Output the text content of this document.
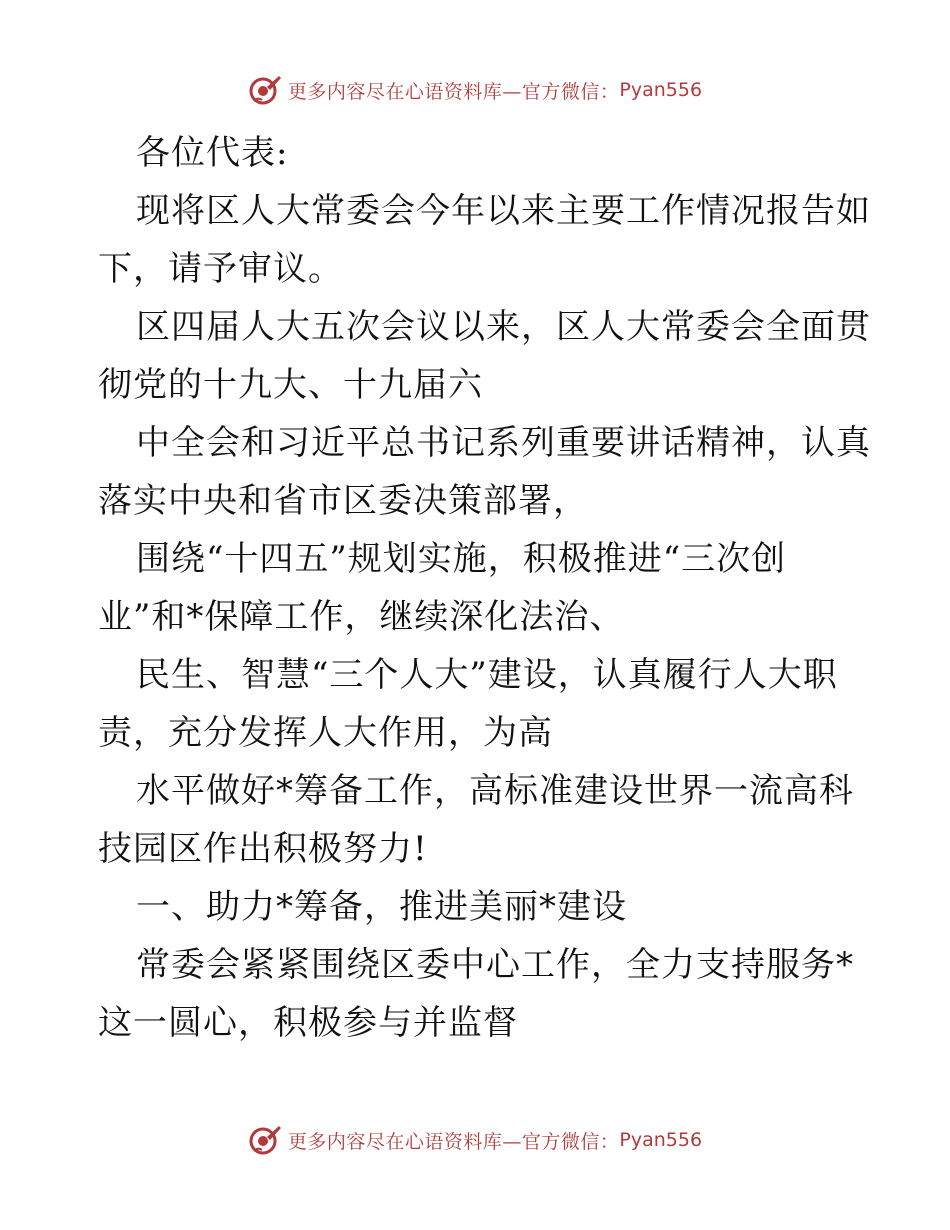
更多内容尽在心语资料库—官方微信： Pyan556
各位代表:
现将区人大常委会今年以来主要工作情况报告如
下，请予审议。
区四届人大五次会议以来，区人大常委会全面贯
彻党的十九大、十九届六
中全会和习近平总书记系列重要讲话精神，认真
落实中央和省市区委决策部署，
围绕“十四五”规划实施，积极推进“三次创
业”和*保障工作，继续深化法治、
民生、智慧“三个人大”建设，认真履行人大职
责，充分发挥人大作用，为高
水平做好*筹备工作，高标准建设世界一流高科
技园区作出积极努力!
一、助力*筹备，推进美丽*建设
常委会紧紧围绕区委中心工作，全力支持服务*
这一圆心，积极参与并监督
更多内容尽在心语资料库—官方微信： Pyan556
